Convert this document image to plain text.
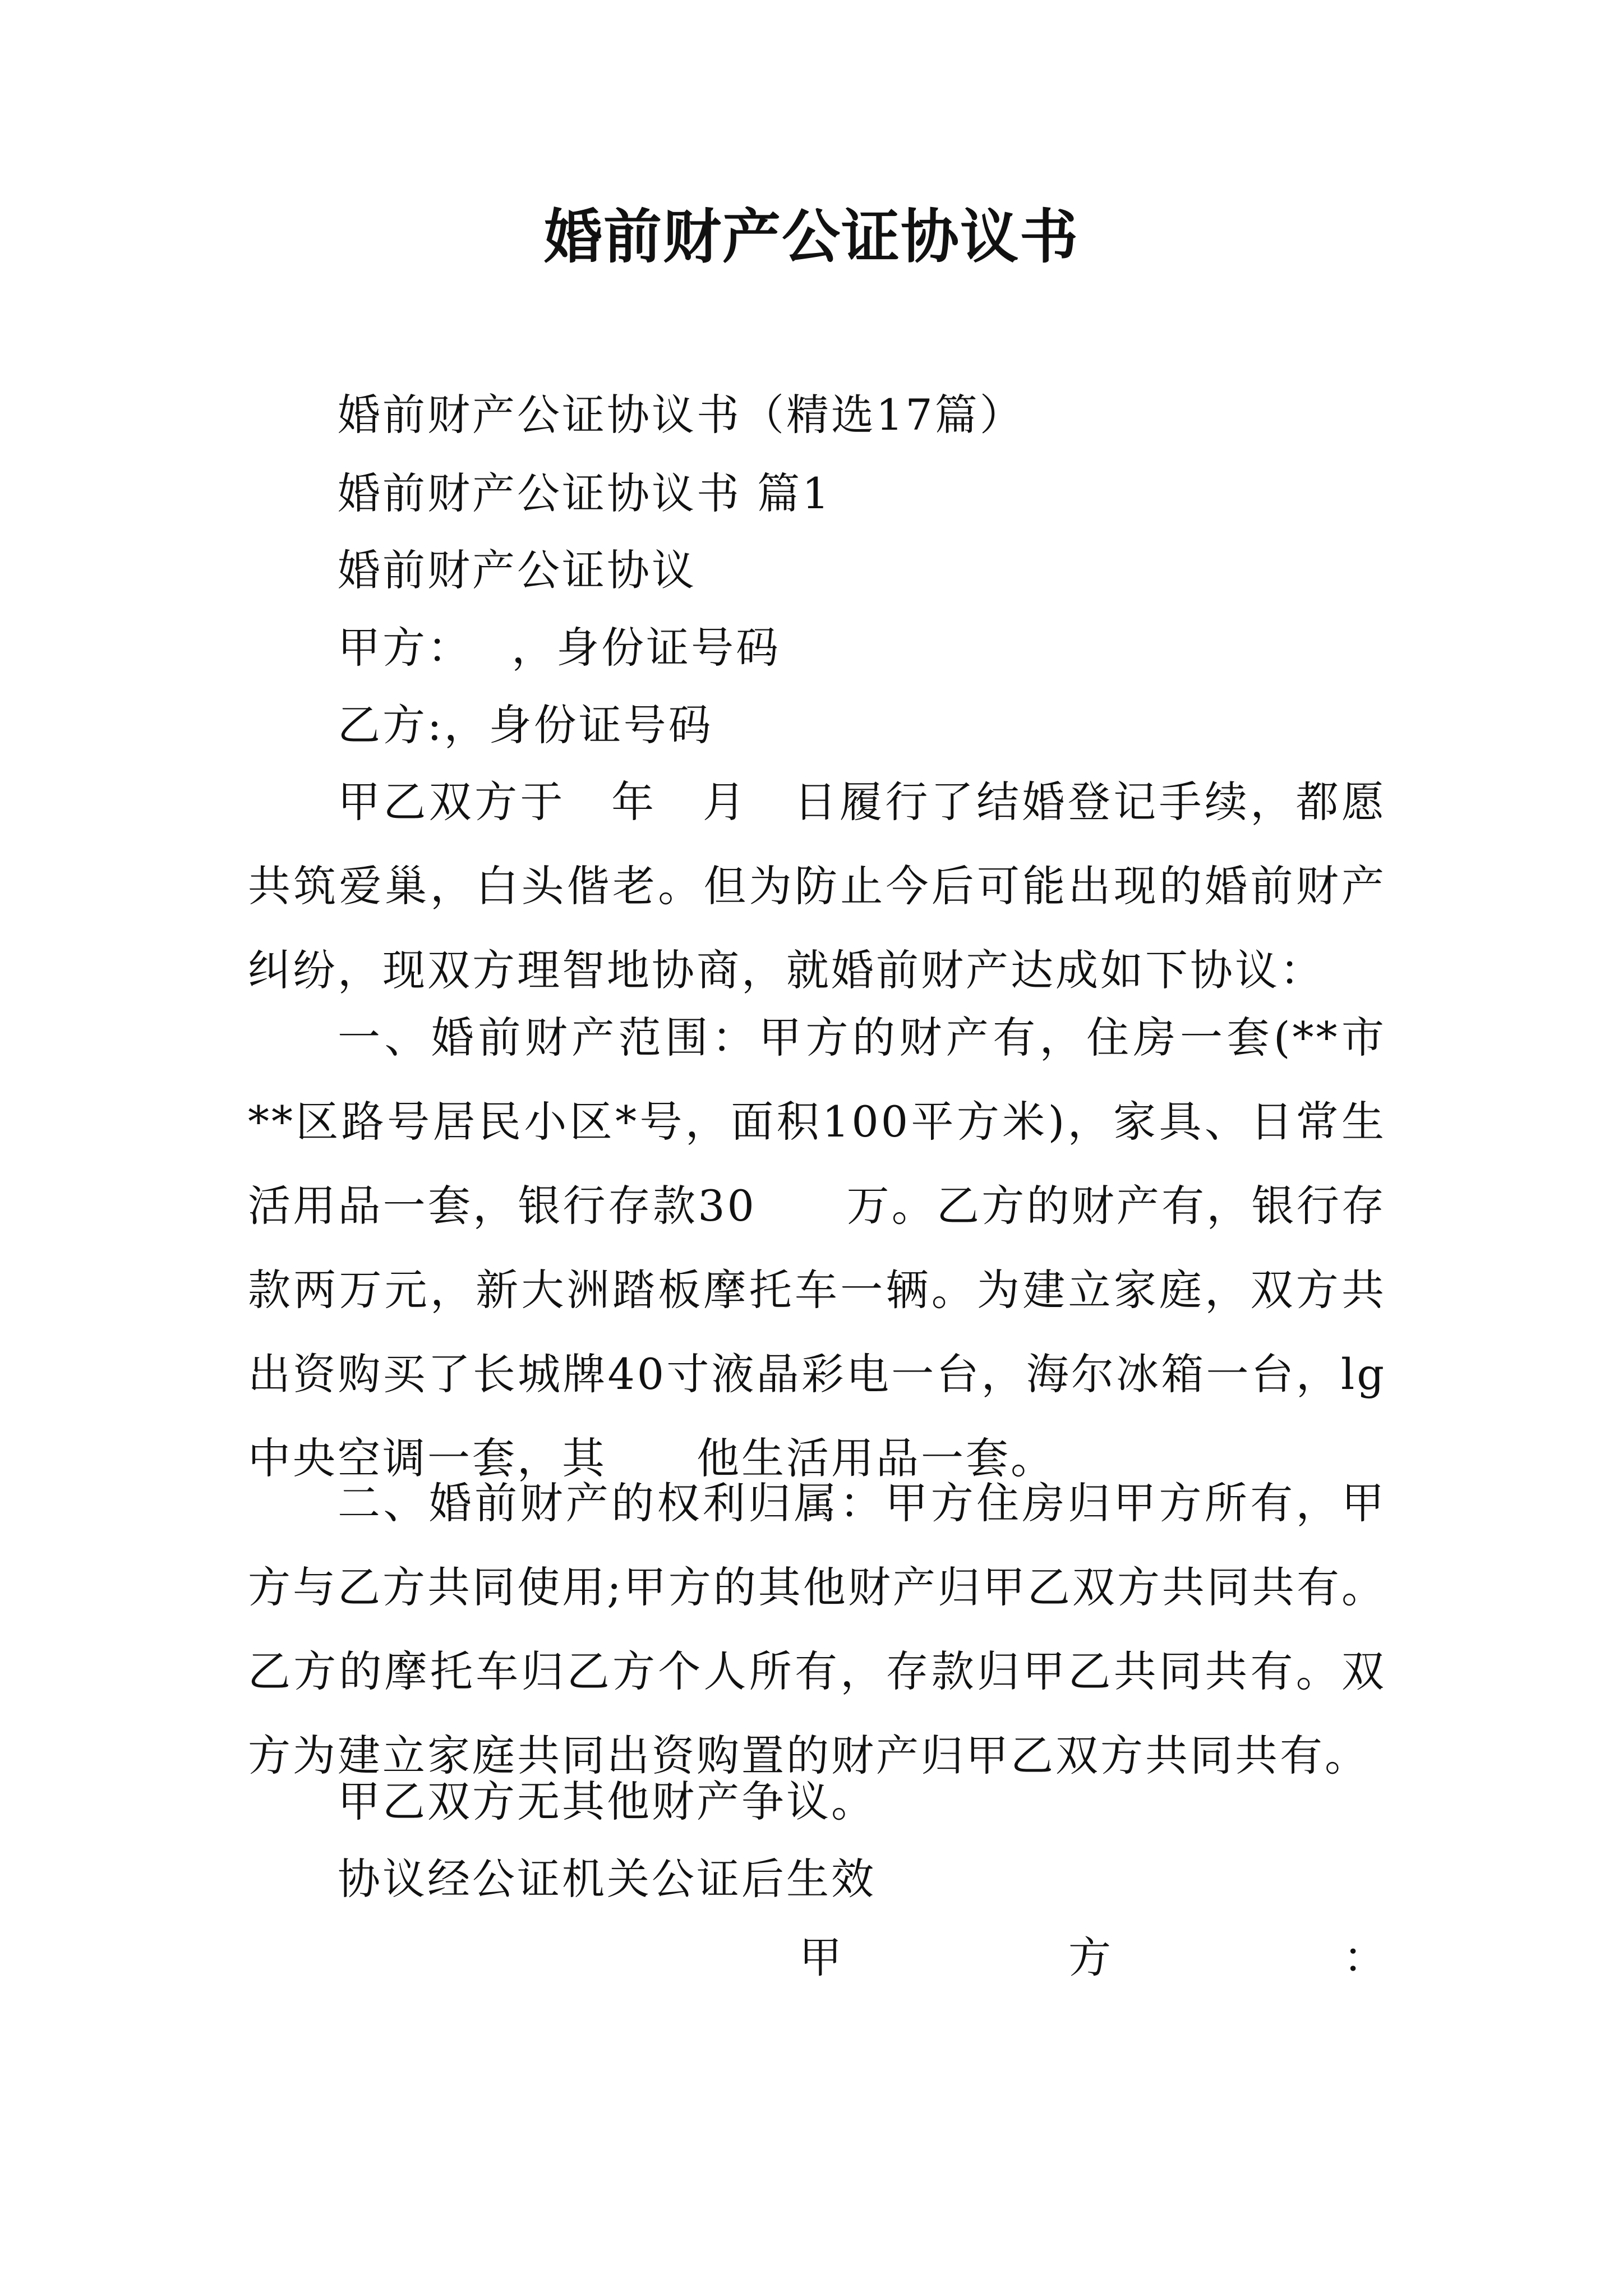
婚前财产公证协议书
婚前财产公证协议书（精选17篇）
婚前财产公证协议书 篇1
婚前财产公证协议
甲方：　 ，身份证号码
乙方:，身份证号码
甲乙双方于　年　月　日履行了结婚登记手续，都愿共筑爱巢，白头偕老。但为防止今后可能出现的婚前财产纠纷，现双方理智地协商，就婚前财产达成如下协议：
一、婚前财产范围：甲方的财产有，住房一套(**市**区路号居民小区*号，面积100平方米)，家具、日常生活用品一套，银行存款30　　万。乙方的财产有，银行存款两万元，新大洲踏板摩托车一辆。为建立家庭，双方共出资购买了长城牌40寸液晶彩电一台，海尔冰箱一台，lg中央空调一套，其　　他生活用品一套。
二、婚前财产的权利归属：甲方住房归甲方所有，甲方与乙方共同使用;甲方的其他财产归甲乙双方共同共有。乙方的摩托车归乙方个人所有，存款归甲乙共同共有。双方为建立家庭共同出资购置的财产归甲乙双方共同共有。
甲乙双方无其他财产争议。
协议经公证机关公证后生效
甲	方	：
